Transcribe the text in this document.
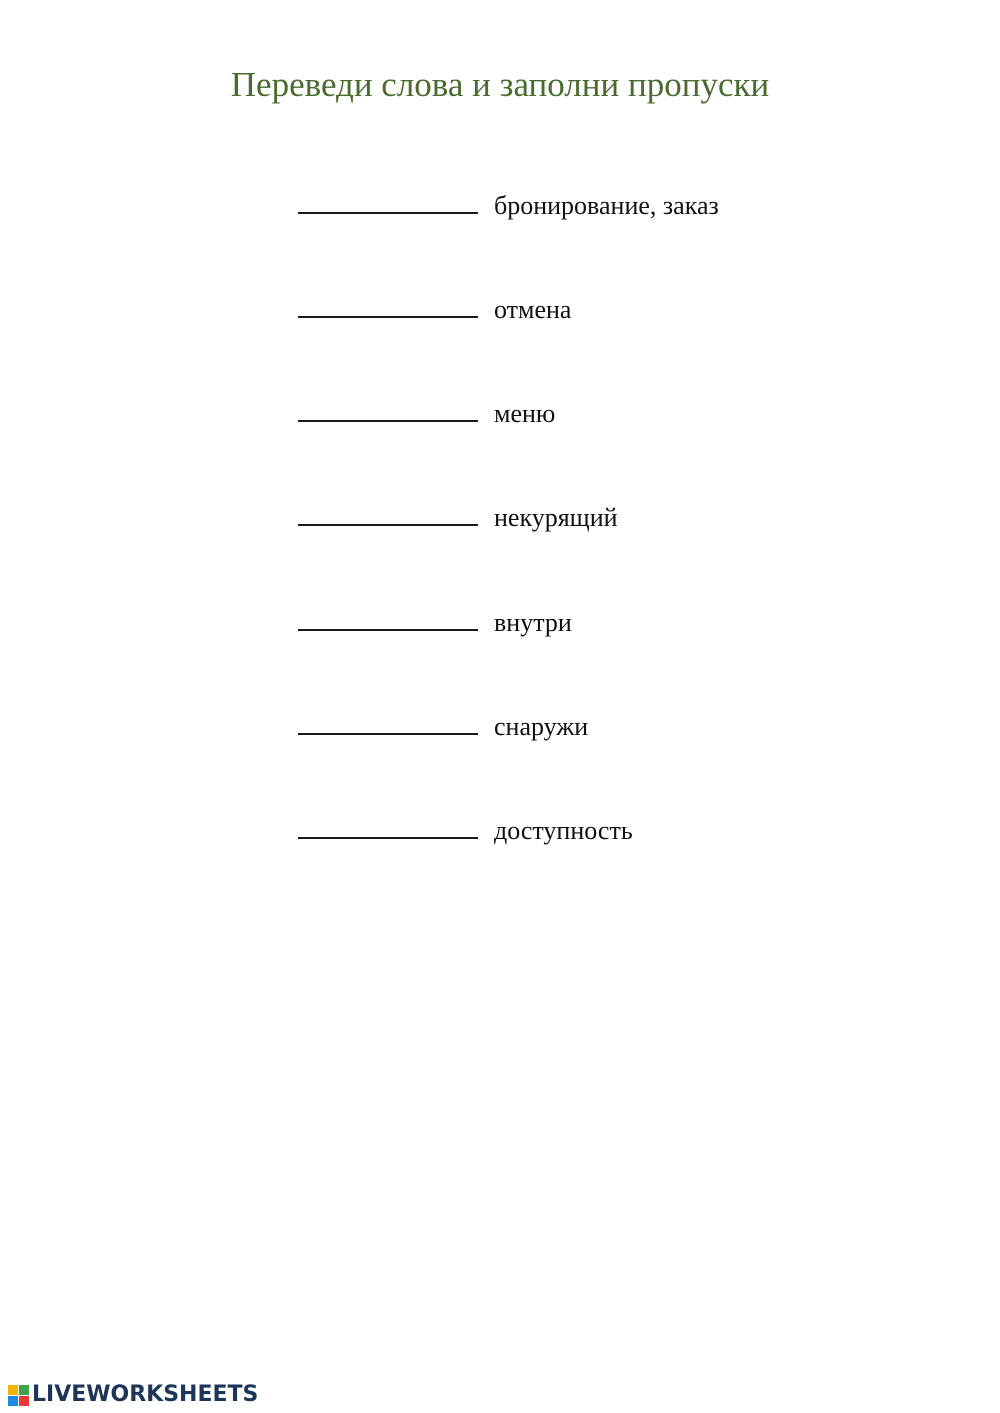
Переведи слова и заполни пропуски
бронирование, заказ
отмена
меню
некурящий
внутри
снаружи
доступность
LIVEWORKSHEETS
